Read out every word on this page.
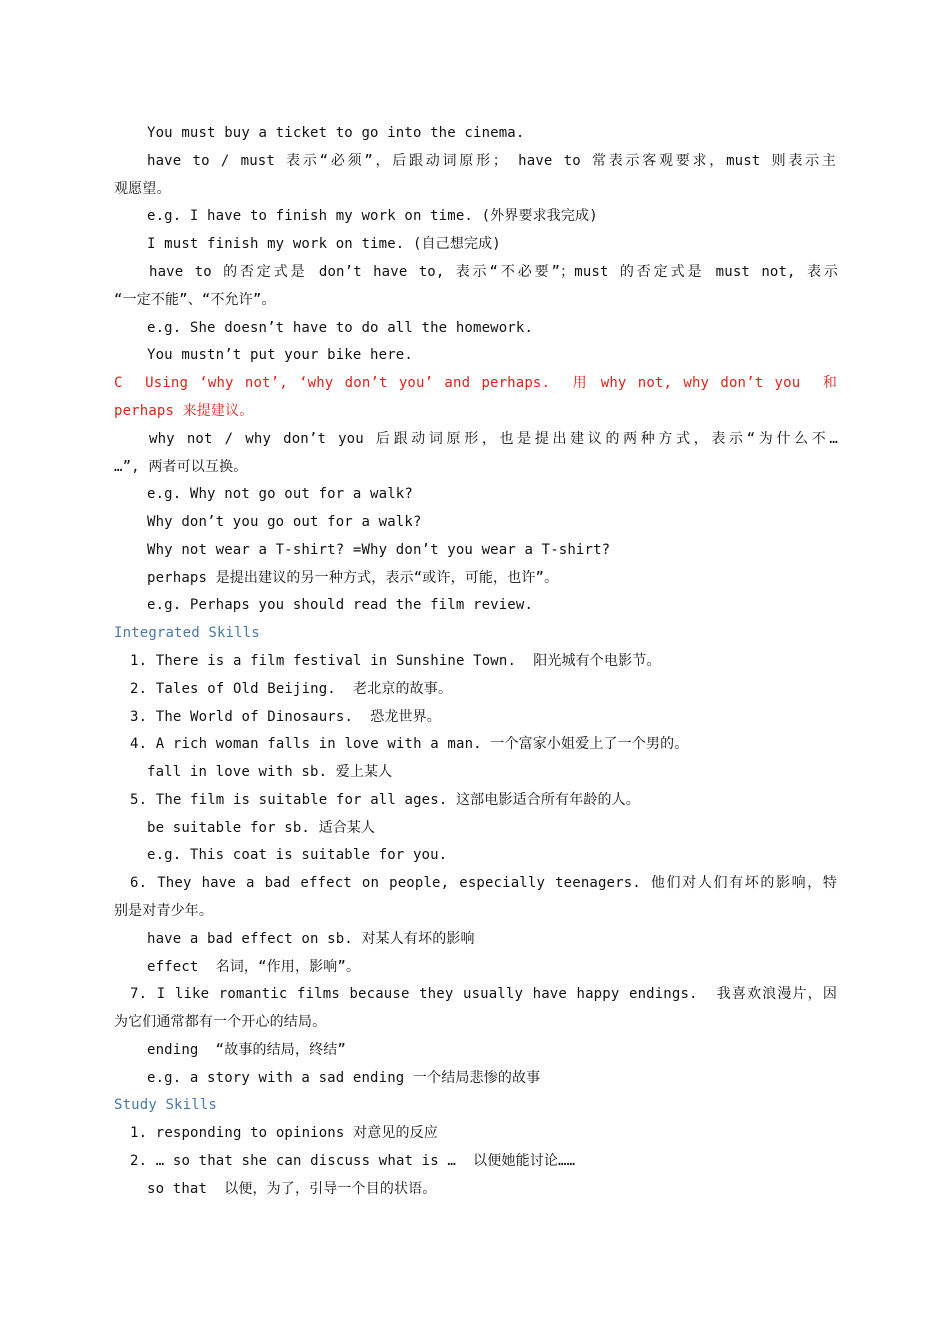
You must buy a ticket to go into the cinema.
have to / must 表示“必须”，后跟动词原形； have to 常表示客观要求，must 则表示主
观愿望。
e.g. I have to finish my work on time. (外界要求我完成)
I must finish my work on time. (自己想完成)
have to 的否定式是 don’t have to, 表示“不必要”；must 的否定式是 must not, 表示
“一定不能”、“不允许”。
e.g. She doesn’t have to do all the homework.
You mustn’t put your bike here.
C  Using ‘why not’, ‘why don’t you’ and perhaps.  用 why not, why don’t you  和
perhaps 来提建议。
why not / why don’t you 后跟动词原形，也是提出建议的两种方式，表示“为什么不…
…”, 两者可以互换。
e.g. Why not go out for a walk?
Why don’t you go out for a walk?
Why not wear a T-shirt? =Why don’t you wear a T-shirt?
perhaps 是提出建议的另一种方式，表示“或许，可能，也许”。
e.g. Perhaps you should read the film review.
Integrated Skills
1. There is a film festival in Sunshine Town.  阳光城有个电影节。
2. Tales of Old Beijing.  老北京的故事。
3. The World of Dinosaurs.  恐龙世界。
4. A rich woman falls in love with a man. 一个富家小姐爱上了一个男的。
fall in love with sb. 爱上某人
5. The film is suitable for all ages. 这部电影适合所有年龄的人。
be suitable for sb. 适合某人
e.g. This coat is suitable for you.
6. They have a bad effect on people, especially teenagers. 他们对人们有坏的影响，特
别是对青少年。
have a bad effect on sb. 对某人有坏的影响
effect  名词，“作用，影响”。
7. I like romantic films because they usually have happy endings.  我喜欢浪漫片，因
为它们通常都有一个开心的结局。
ending  “故事的结局，终结”
e.g. a story with a sad ending 一个结局悲惨的故事
Study Skills
1. responding to opinions 对意见的反应
2. … so that she can discuss what is …  以便她能讨论……
so that  以便，为了，引导一个目的状语。
